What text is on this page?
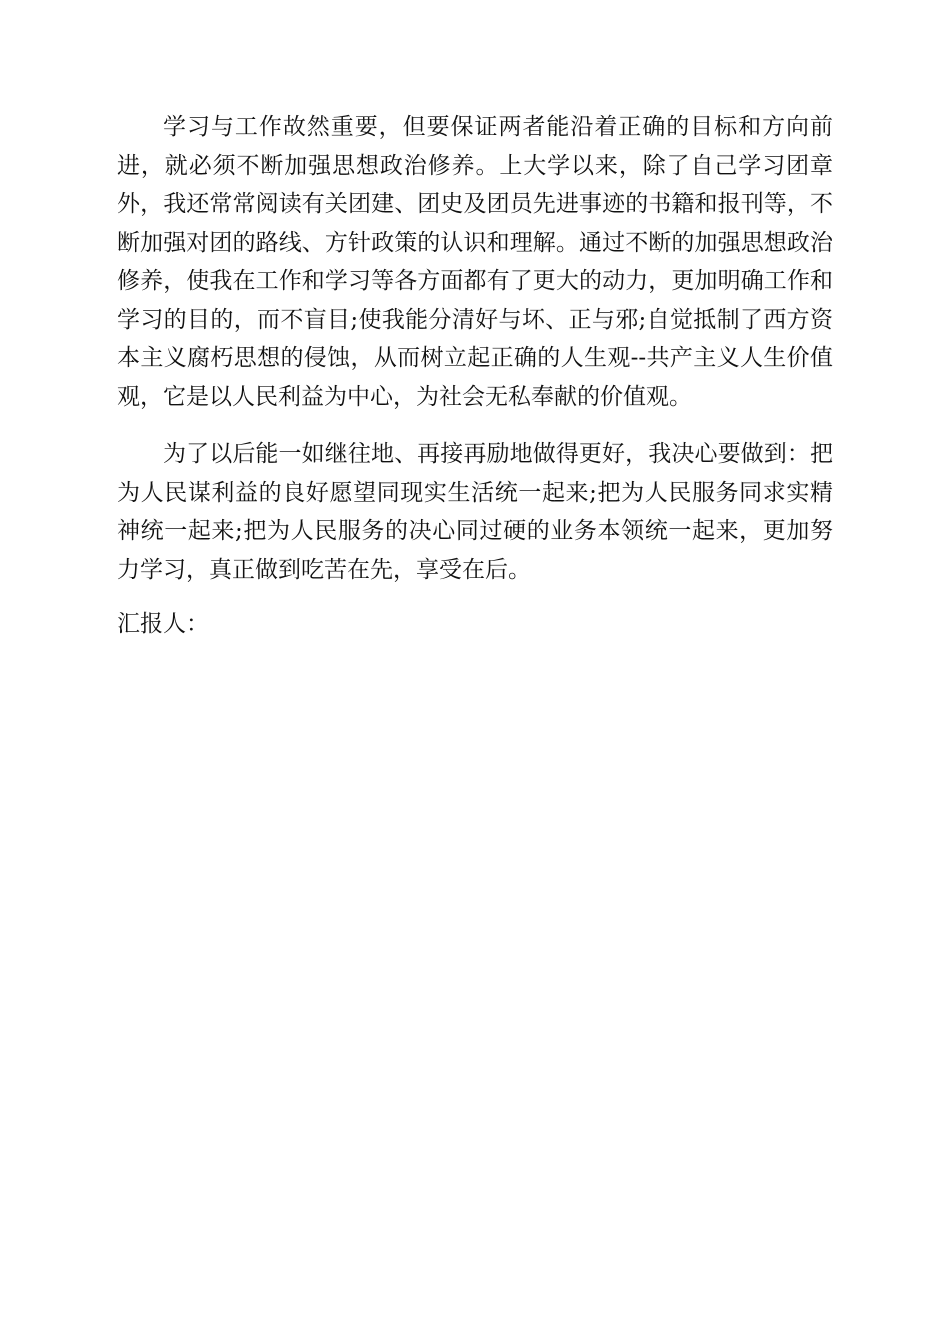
学习与工作故然重要，但要保证两者能沿着正确的目标和方向前进，就必须不断加强思想政治修养。上大学以来，除了自己学习团章外，我还常常阅读有关团建、团史及团员先进事迹的书籍和报刊等，不断加强对团的路线、方针政策的认识和理解。通过不断的加强思想政治修养，使我在工作和学习等各方面都有了更大的动力，更加明确工作和学习的目的，而不盲目;使我能分清好与坏、正与邪;自觉抵制了西方资本主义腐朽思想的侵蚀，从而树立起正确的人生观--共产主义人生价值观，它是以人民利益为中心，为社会无私奉献的价值观。

为了以后能一如继往地、再接再励地做得更好，我决心要做到：把为人民谋利益的良好愿望同现实生活统一起来;把为人民服务同求实精神统一起来;把为人民服务的决心同过硬的业务本领统一起来，更加努力学习，真正做到吃苦在先，享受在后。

汇报人：
